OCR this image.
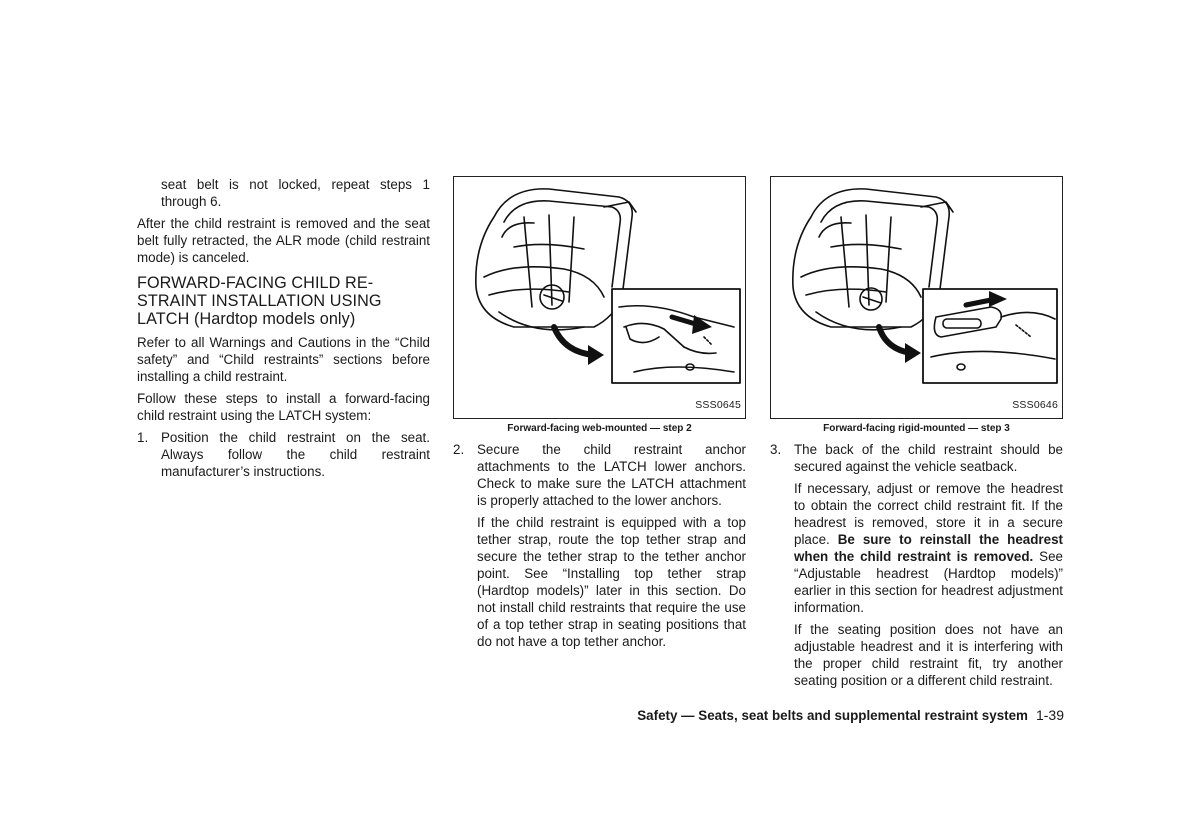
seat belt is not locked, repeat steps 1 through 6.

After the child restraint is removed and the seat belt fully retracted, the ALR mode (child restraint mode) is canceled.

FORWARD-FACING CHILD RE-STRAINT INSTALLATION USING LATCH (Hardtop models only)

Refer to all Warnings and Cautions in the “Child safety” and “Child restraints” sections before installing a child restraint.

Follow these steps to install a forward-facing child restraint using the LATCH system:

1. Position the child restraint on the seat. Always follow the child restraint manufacturer’s instructions.
SSS0645
Forward-facing web-mounted — step 2
2. Secure the child restraint anchor attachments to the LATCH lower anchors. Check to make sure the LATCH attachment is properly attached to the lower anchors.

If the child restraint is equipped with a top tether strap, route the top tether strap and secure the tether strap to the tether anchor point. See “Installing top tether strap (Hardtop models)” later in this section. Do not install child restraints that require the use of a top tether strap in seating positions that do not have a top tether anchor.

SSS0646
Forward-facing rigid-mounted — step 3
3. The back of the child restraint should be secured against the vehicle seatback.

If necessary, adjust or remove the headrest to obtain the correct child restraint fit. If the headrest is removed, store it in a secure place. Be sure to reinstall the headrest when the child restraint is removed. See “Adjustable headrest (Hardtop models)” earlier in this section for headrest adjustment information.

If the seating position does not have an adjustable headrest and it is interfering with the proper child restraint fit, try another seating position or a different child restraint.

Safety — Seats, seat belts and supplemental restraint system 1-39
